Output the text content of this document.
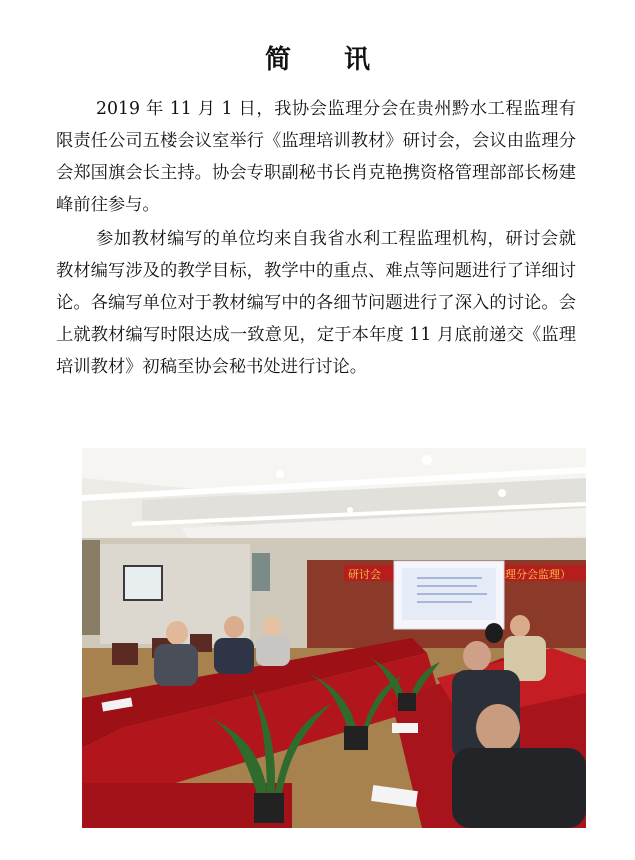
简 讯

2019 年 11 月 1 日，我协会监理分会在贵州黔水工程监理有限责任公司五楼会议室举行《监理培训教材》研讨会，会议由监理分会郑国旗会长主持。协会专职副秘书长肖克艳携资格管理部部长杨建峰前往参与。

参加教材编写的单位均来自我省水利工程监理机构，研讨会就教材编写涉及的教学目标，教学中的重点、难点等问题进行了详细讨论。各编写单位对于教材编写中的各细节问题进行了深入的讨论。会上就教材编写时限达成一致意见，定于本年度 11 月底前递交《监理培训教材》初稿至协会秘书处进行讨论。

研讨会	理分会监理）
